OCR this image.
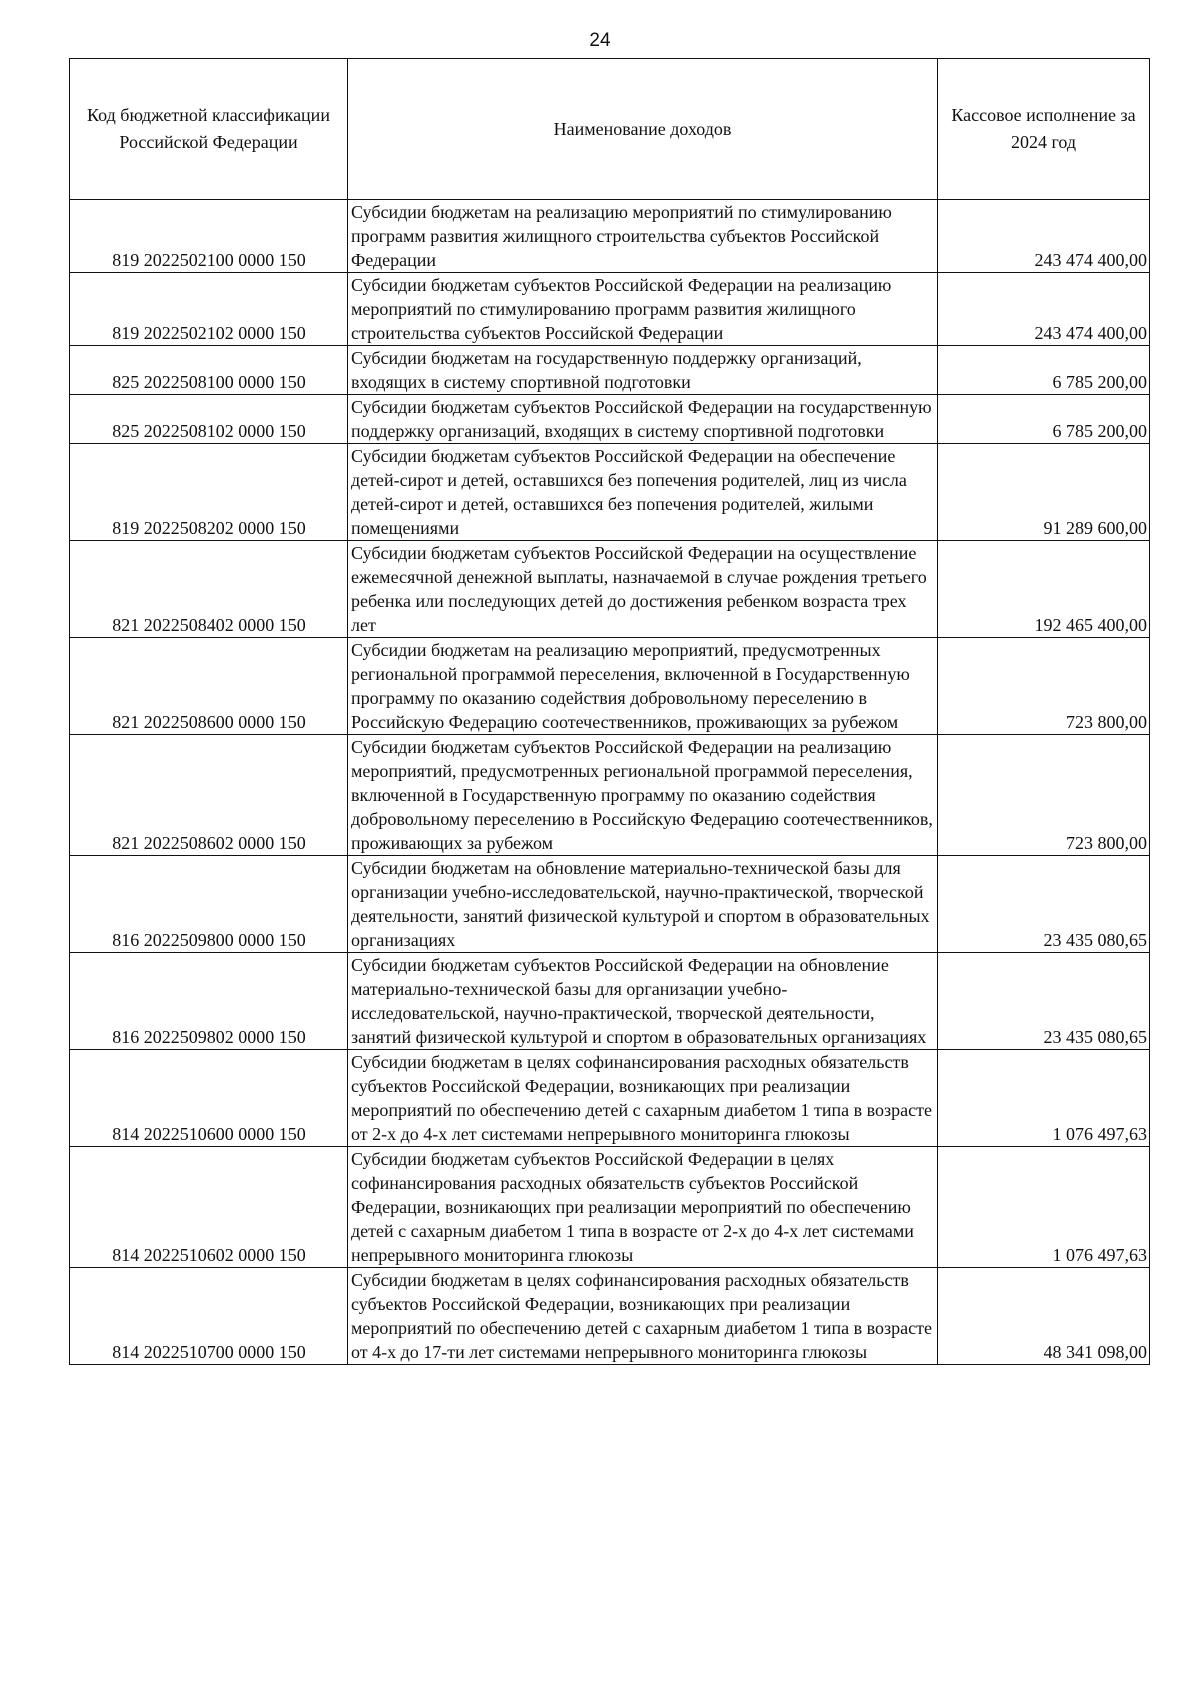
24
Код бюджетной классификации Российской Федерации	Наименование доходов	Кассовое исполнение за 2024 год
819 2022502100 0000 150	Субсидии бюджетам на реализацию мероприятий по стимулированию программ развития жилищного строительства субъектов Российской Федерации	243 474 400,00
819 2022502102 0000 150	Субсидии бюджетам субъектов Российской Федерации на реализацию мероприятий по стимулированию программ развития жилищного строительства субъектов Российской Федерации	243 474 400,00
825 2022508100 0000 150	Субсидии бюджетам на государственную поддержку организаций, входящих в систему спортивной подготовки	6 785 200,00
825 2022508102 0000 150	Субсидии бюджетам субъектов Российской Федерации на государственную поддержку организаций, входящих в систему спортивной подготовки	6 785 200,00
819 2022508202 0000 150	Субсидии бюджетам субъектов Российской Федерации на обеспечение детей-сирот и детей, оставшихся без попечения родителей, лиц из числа детей-сирот и детей, оставшихся без попечения родителей, жилыми помещениями	91 289 600,00
821 2022508402 0000 150	Субсидии бюджетам субъектов Российской Федерации на осуществление ежемесячной денежной выплаты, назначаемой в случае рождения третьего ребенка или последующих детей до достижения ребенком возраста трех лет	192 465 400,00
821 2022508600 0000 150	Субсидии бюджетам на реализацию мероприятий, предусмотренных региональной программой переселения, включенной в Государственную программу по оказанию содействия добровольному переселению в Российскую Федерацию соотечественников, проживающих за рубежом	723 800,00
821 2022508602 0000 150	Субсидии бюджетам субъектов Российской Федерации на реализацию мероприятий, предусмотренных региональной программой переселения, включенной в Государственную программу по оказанию содействия добровольному переселению в Российскую Федерацию соотечественников, проживающих за рубежом	723 800,00
816 2022509800 0000 150	Субсидии бюджетам на обновление материально-технической базы для организации учебно-исследовательской, научно-практической, творческой деятельности, занятий физической культурой и спортом в образовательных организациях	23 435 080,65
816 2022509802 0000 150	Субсидии бюджетам субъектов Российской Федерации на обновление материально-технической базы для организации учебно-исследовательской, научно-практической, творческой деятельности, занятий физической культурой и спортом в образовательных организациях	23 435 080,65
814 2022510600 0000 150	Субсидии бюджетам в целях софинансирования расходных обязательств субъектов Российской Федерации, возникающих при реализации мероприятий по обеспечению детей с сахарным диабетом 1 типа в возрасте от 2-х до 4-х лет системами непрерывного мониторинга глюкозы	1 076 497,63
814 2022510602 0000 150	Субсидии бюджетам субъектов Российской Федерации в целях софинансирования расходных обязательств субъектов Российской Федерации, возникающих при реализации мероприятий по обеспечению детей с сахарным диабетом 1 типа в возрасте от 2-х до 4-х лет системами непрерывного мониторинга глюкозы	1 076 497,63
814 2022510700 0000 150	Субсидии бюджетам в целях софинансирования расходных обязательств субъектов Российской Федерации, возникающих при реализации мероприятий по обеспечению детей с сахарным диабетом 1 типа в возрасте от 4-х до 17-ти лет системами непрерывного мониторинга глюкозы	48 341 098,00
